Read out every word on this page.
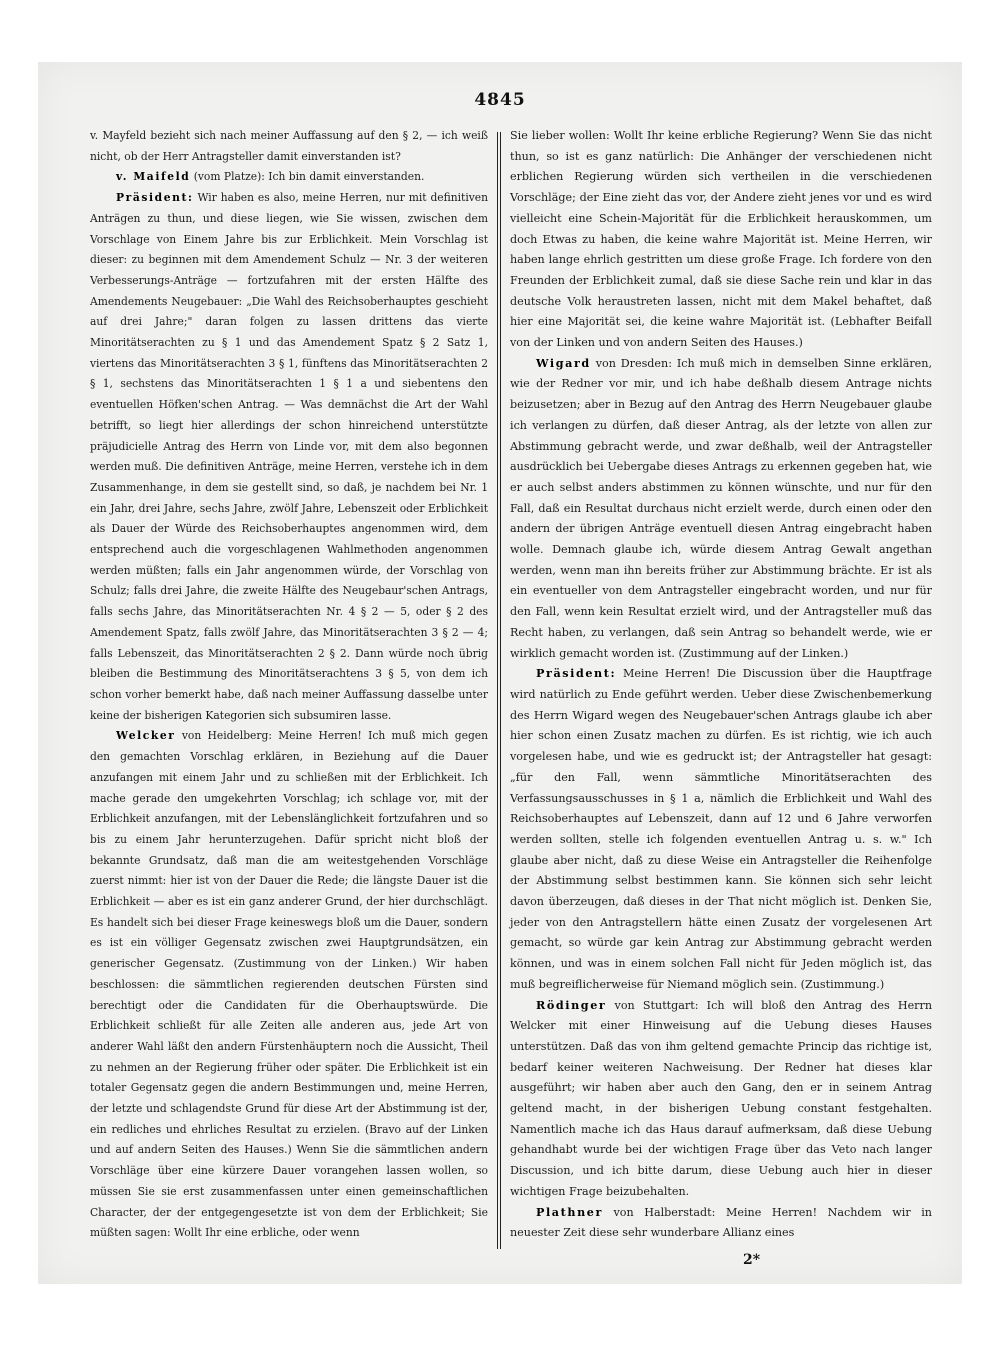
4845

v. Mayfeld bezieht sich nach meiner Auffassung auf den § 2, — ich weiß nicht, ob der Herr Antragsteller damit einverstanden ist?

v. Maifeld (vom Platze): Ich bin damit einverstanden.

Präsident: Wir haben es also, meine Herren, nur mit definitiven Anträgen zu thun, und diese liegen, wie Sie wissen, zwischen dem Vorschlage von Einem Jahre bis zur Erblichkeit. Mein Vorschlag ist dieser: zu beginnen mit dem Amendement Schulz — Nr. 3 der weiteren Verbesserungs-Anträge — fortzufahren mit der ersten Hälfte des Amendements Neugebauer: „Die Wahl des Reichsoberhauptes geschieht auf drei Jahre;" daran folgen zu lassen drittens das vierte Minoritätserachten zu § 1 und das Amendement Spatz § 2 Satz 1, viertens das Minoritätserachten 3 § 1, fünftens das Minoritätserachten 2 § 1, sechstens das Minoritätserachten 1 § 1 a und siebentens den eventuellen Höfken'schen Antrag. — Was demnächst die Art der Wahl betrifft, so liegt hier allerdings der schon hinreichend unterstützte präjudicielle Antrag des Herrn von Linde vor, mit dem also begonnen werden muß. Die definitiven Anträge, meine Herren, verstehe ich in dem Zusammenhange, in dem sie gestellt sind, so daß, je nachdem bei Nr. 1 ein Jahr, drei Jahre, sechs Jahre, zwölf Jahre, Lebenszeit oder Erblichkeit als Dauer der Würde des Reichsoberhauptes angenommen wird, dem entsprechend auch die vorgeschlagenen Wahlmethoden angenommen werden müßten; falls ein Jahr angenommen würde, der Vorschlag von Schulz; falls drei Jahre, die zweite Hälfte des Neugebaur'schen Antrags, falls sechs Jahre, das Minoritätserachten Nr. 4 § 2 — 5, oder § 2 des Amendement Spatz, falls zwölf Jahre, das Minoritätserachten 3 § 2 — 4; falls Lebenszeit, das Minoritätserachten 2 § 2. Dann würde noch übrig bleiben die Bestimmung des Minoritätserachtens 3 § 5, von dem ich schon vorher bemerkt habe, daß nach meiner Auffassung dasselbe unter keine der bisherigen Kategorien sich subsumiren lasse.

Welcker von Heidelberg: Meine Herren! Ich muß mich gegen den gemachten Vorschlag erklären, in Beziehung auf die Dauer anzufangen mit einem Jahr und zu schließen mit der Erblichkeit. Ich mache gerade den umgekehrten Vorschlag; ich schlage vor, mit der Erblichkeit anzufangen, mit der Lebenslänglichkeit fortzufahren und so bis zu einem Jahr herunterzugehen. Dafür spricht nicht bloß der bekannte Grundsatz, daß man die am weitestgehenden Vorschläge zuerst nimmt: hier ist von der Dauer die Rede; die längste Dauer ist die Erblichkeit — aber es ist ein ganz anderer Grund, der hier durchschlägt. Es handelt sich bei dieser Frage keineswegs bloß um die Dauer, sondern es ist ein völliger Gegensatz zwischen zwei Hauptgrundsätzen, ein generischer Gegensatz. (Zustimmung von der Linken.) Wir haben beschlossen: die sämmtlichen regierenden deutschen Fürsten sind berechtigt oder die Candidaten für die Oberhauptswürde. Die Erblichkeit schließt für alle Zeiten alle anderen aus, jede Art von anderer Wahl läßt den andern Fürstenhäuptern noch die Aussicht, Theil zu nehmen an der Regierung früher oder später. Die Erblichkeit ist ein totaler Gegensatz gegen die andern Bestimmungen und, meine Herren, der letzte und schlagendste Grund für diese Art der Abstimmung ist der, ein redliches und ehrliches Resultat zu erzielen. (Bravo auf der Linken und auf andern Seiten des Hauses.) Wenn Sie die sämmtlichen andern Vorschläge über eine kürzere Dauer vorangehen lassen wollen, so müssen Sie sie erst zusammenfassen unter einen gemeinschaftlichen Character, der der entgegengesetzte ist von dem der Erblichkeit; Sie müßten sagen: Wollt Ihr eine erbliche, oder wenn

Sie lieber wollen: Wollt Ihr keine erbliche Regierung? Wenn Sie das nicht thun, so ist es ganz natürlich: Die Anhänger der verschiedenen nicht erblichen Regierung würden sich vertheilen in die verschiedenen Vorschläge; der Eine zieht das vor, der Andere zieht jenes vor und es wird vielleicht eine Schein-Majorität für die Erblichkeit herauskommen, um doch Etwas zu haben, die keine wahre Majorität ist. Meine Herren, wir haben lange ehrlich gestritten um diese große Frage. Ich fordere von den Freunden der Erblichkeit zumal, daß sie diese Sache rein und klar in das deutsche Volk heraustreten lassen, nicht mit dem Makel behaftet, daß hier eine Majorität sei, die keine wahre Majorität ist. (Lebhafter Beifall von der Linken und von andern Seiten des Hauses.)

Wigard von Dresden: Ich muß mich in demselben Sinne erklären, wie der Redner vor mir, und ich habe deßhalb diesem Antrage nichts beizusetzen; aber in Bezug auf den Antrag des Herrn Neugebauer glaube ich verlangen zu dürfen, daß dieser Antrag, als der letzte von allen zur Abstimmung gebracht werde, und zwar deßhalb, weil der Antragsteller ausdrücklich bei Uebergabe dieses Antrags zu erkennen gegeben hat, wie er auch selbst anders abstimmen zu können wünschte, und nur für den Fall, daß ein Resultat durchaus nicht erzielt werde, durch einen oder den andern der übrigen Anträge eventuell diesen Antrag eingebracht haben wolle. Demnach glaube ich, würde diesem Antrag Gewalt angethan werden, wenn man ihn bereits früher zur Abstimmung brächte. Er ist als ein eventueller von dem Antragsteller eingebracht worden, und nur für den Fall, wenn kein Resultat erzielt wird, und der Antragsteller muß das Recht haben, zu verlangen, daß sein Antrag so behandelt werde, wie er wirklich gemacht worden ist. (Zustimmung auf der Linken.)

Präsident: Meine Herren! Die Discussion über die Hauptfrage wird natürlich zu Ende geführt werden. Ueber diese Zwischenbemerkung des Herrn Wigard wegen des Neugebauer'schen Antrags glaube ich aber hier schon einen Zusatz machen zu dürfen. Es ist richtig, wie ich auch vorgelesen habe, und wie es gedruckt ist; der Antragsteller hat gesagt: „für den Fall, wenn sämmtliche Minoritätserachten des Verfassungsausschusses in § 1 a, nämlich die Erblichkeit und Wahl des Reichsoberhauptes auf Lebenszeit, dann auf 12 und 6 Jahre verworfen werden sollten, stelle ich folgenden eventuellen Antrag u. s. w." Ich glaube aber nicht, daß zu diese Weise ein Antragsteller die Reihenfolge der Abstimmung selbst bestimmen kann. Sie können sich sehr leicht davon überzeugen, daß dieses in der That nicht möglich ist. Denken Sie, jeder von den Antragstellern hätte einen Zusatz der vorgelesenen Art gemacht, so würde gar kein Antrag zur Abstimmung gebracht werden können, und was in einem solchen Fall nicht für Jeden möglich ist, das muß begreiflicherweise für Niemand möglich sein. (Zustimmung.)

Rödinger von Stuttgart: Ich will bloß den Antrag des Herrn Welcker mit einer Hinweisung auf die Uebung dieses Hauses unterstützen. Daß das von ihm geltend gemachte Princip das richtige ist, bedarf keiner weiteren Nachweisung. Der Redner hat dieses klar ausgeführt; wir haben aber auch den Gang, den er in seinem Antrag geltend macht, in der bisherigen Uebung constant festgehalten. Namentlich mache ich das Haus darauf aufmerksam, daß diese Uebung gehandhabt wurde bei der wichtigen Frage über das Veto nach langer Discussion, und ich bitte darum, diese Uebung auch hier in dieser wichtigen Frage beizubehalten.

Plathner von Halberstadt: Meine Herren! Nachdem wir in neuester Zeit diese sehr wunderbare Allianz eines

2*
